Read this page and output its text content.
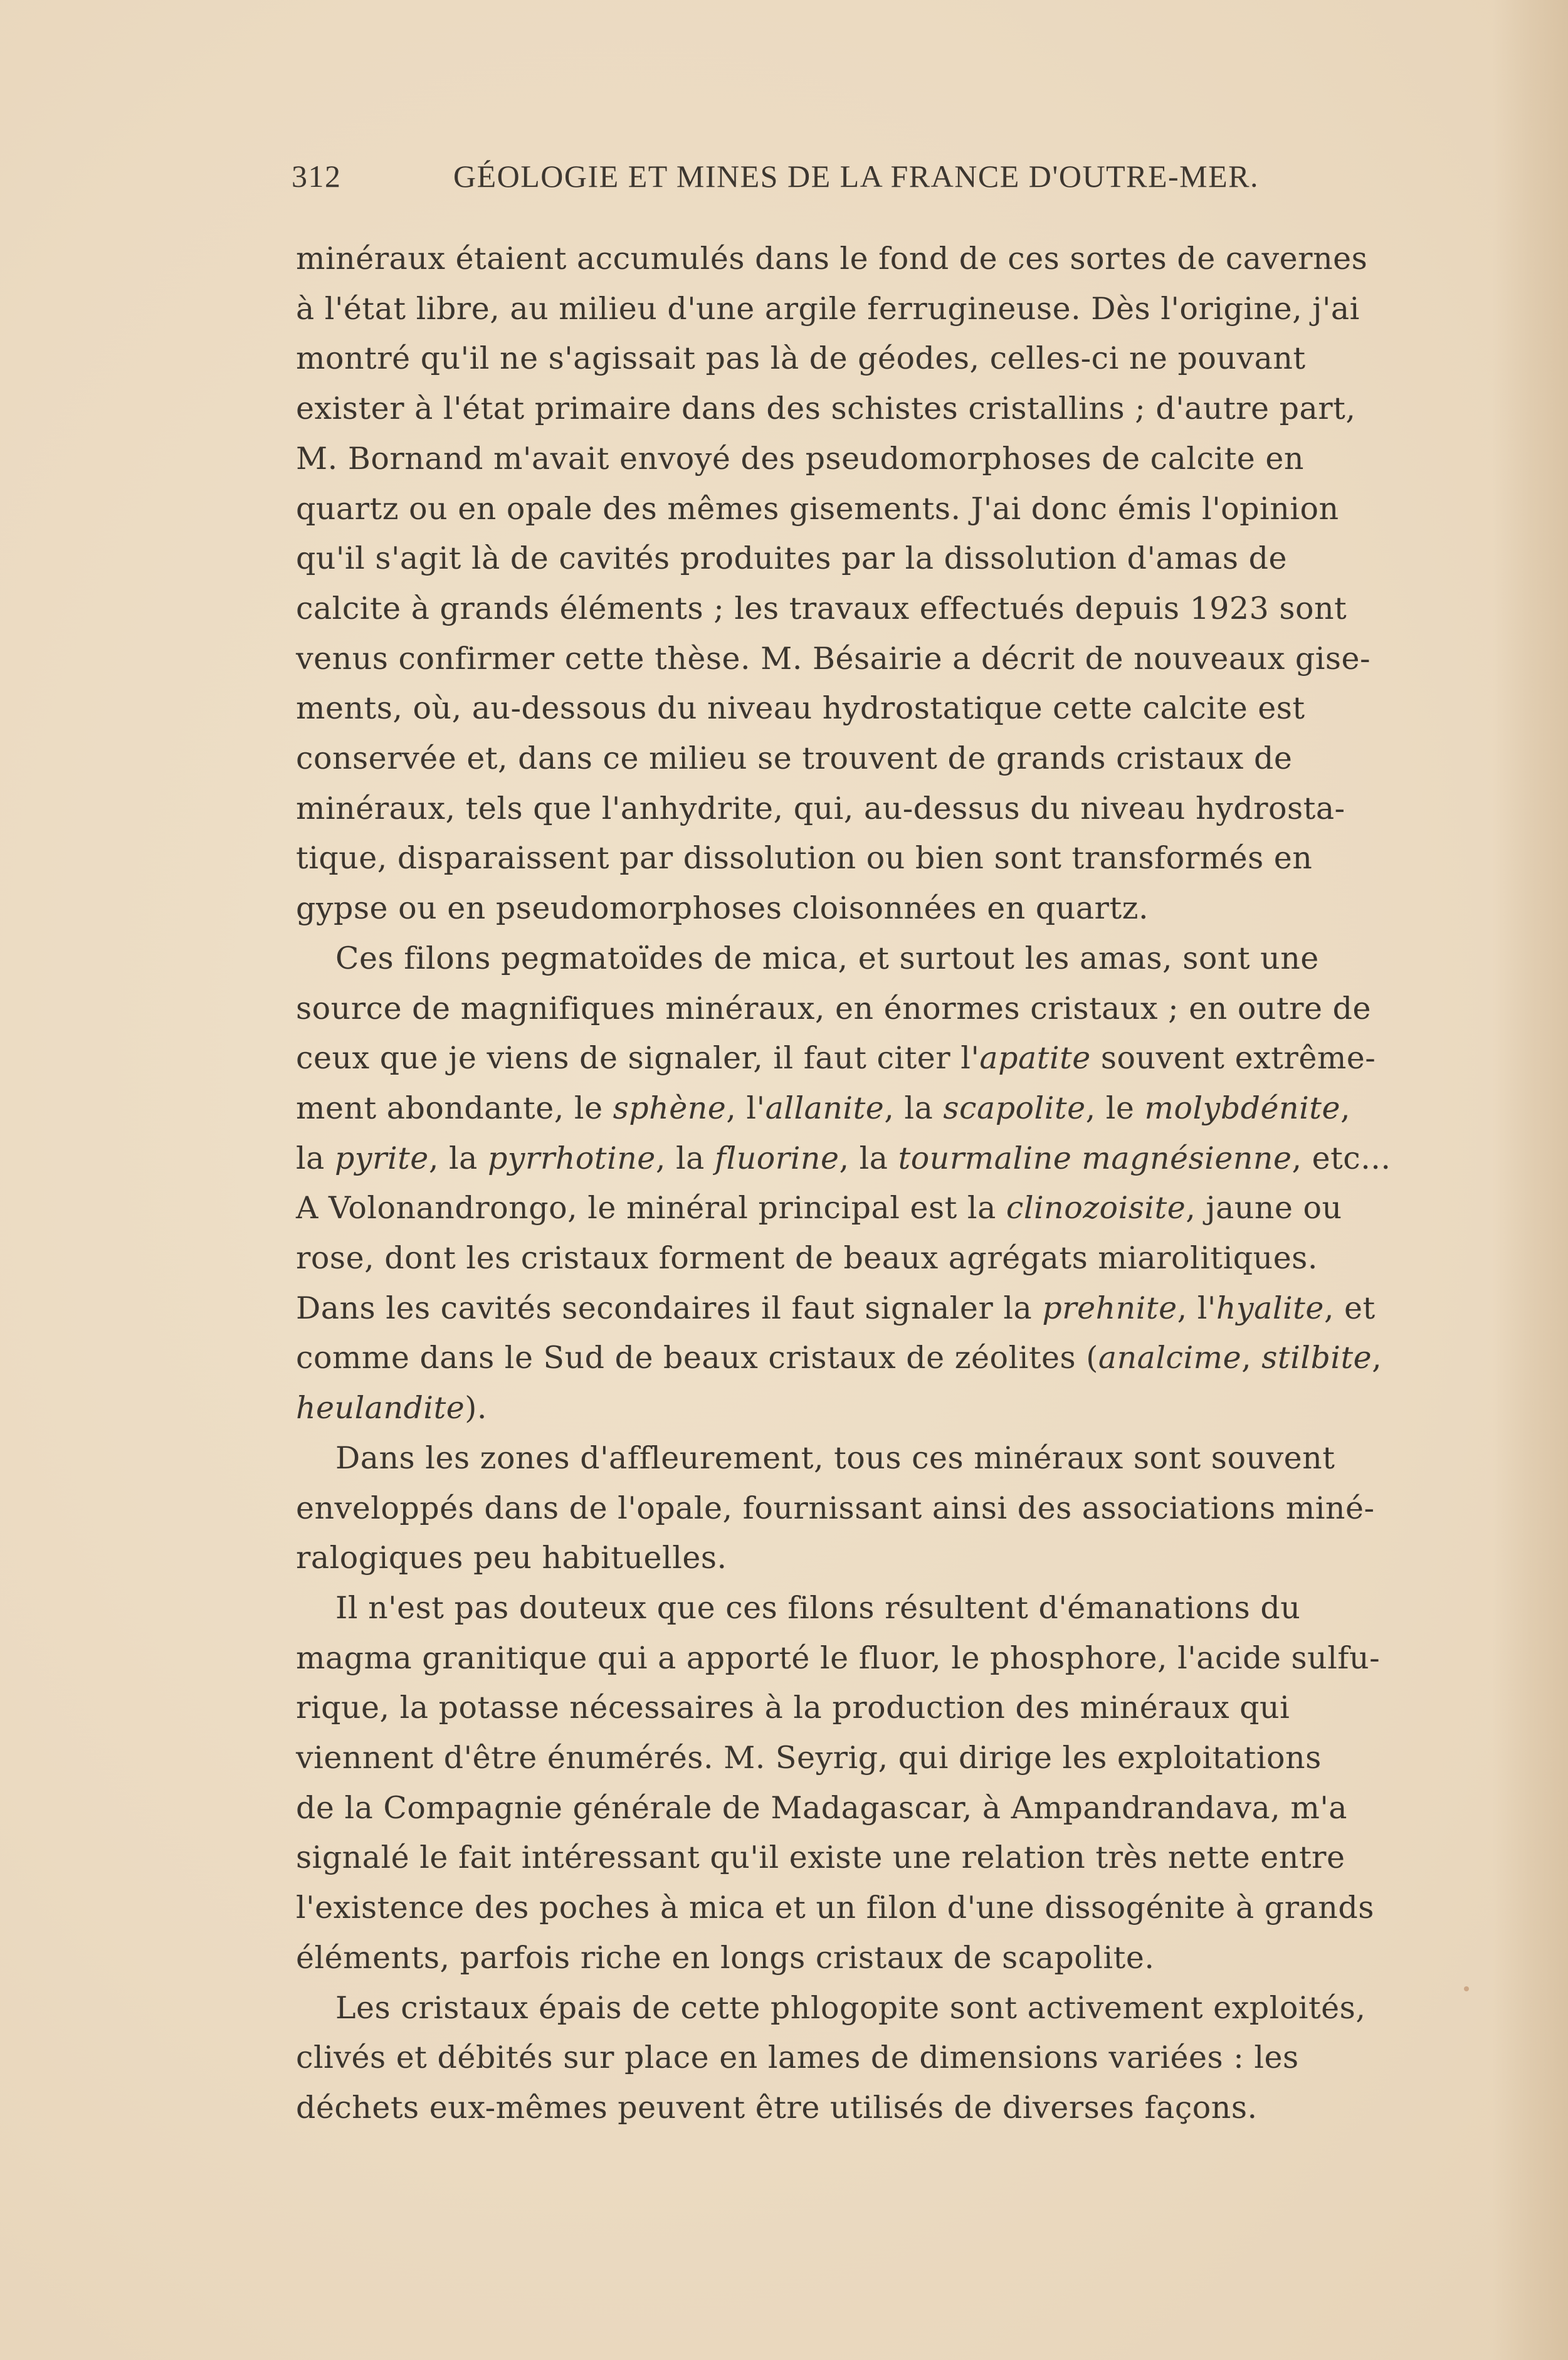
312	GÉOLOGIE ET MINES DE LA FRANCE D'OUTRE-MER.
minéraux étaient accumulés dans le fond de ces sortes de cavernes
à l'état libre, au milieu d'une argile ferrugineuse. Dès l'origine, j'ai
montré qu'il ne s'agissait pas là de géodes, celles-ci ne pouvant
exister à l'état primaire dans des schistes cristallins ; d'autre part,
M. Bornand m'avait envoyé des pseudomorphoses de calcite en
quartz ou en opale des mêmes gisements. J'ai donc émis l'opinion
qu'il s'agit là de cavités produites par la dissolution d'amas de
calcite à grands éléments ; les travaux effectués depuis 1923 sont
venus confirmer cette thèse. M. Bésairie a décrit de nouveaux gise-
ments, où, au-dessous du niveau hydrostatique cette calcite est
conservée et, dans ce milieu se trouvent de grands cristaux de
minéraux, tels que l'anhydrite, qui, au-dessus du niveau hydrosta-
tique, disparaissent par dissolution ou bien sont transformés en
gypse ou en pseudomorphoses cloisonnées en quartz.
Ces filons pegmatoïdes de mica, et surtout les amas, sont une
source de magnifiques minéraux, en énormes cristaux ; en outre de
ceux que je viens de signaler, il faut citer l'apatite souvent extrême-
ment abondante, le sphène, l'allanite, la scapolite, le molybdénite,
la pyrite, la pyrrhotine, la fluorine, la tourmaline magnésienne, etc...
A Volonandrongo, le minéral principal est la clinozoisite, jaune ou
rose, dont les cristaux forment de beaux agrégats miarolitiques.
Dans les cavités secondaires il faut signaler la prehnite, l'hyalite, et
comme dans le Sud de beaux cristaux de zéolites (analcime, stilbite,
heulandite).
Dans les zones d'affleurement, tous ces minéraux sont souvent
enveloppés dans de l'opale, fournissant ainsi des associations miné-
ralogiques peu habituelles.
Il n'est pas douteux que ces filons résultent d'émanations du
magma granitique qui a apporté le fluor, le phosphore, l'acide sulfu-
rique, la potasse nécessaires à la production des minéraux qui
viennent d'être énumérés. M. Seyrig, qui dirige les exploitations
de la Compagnie générale de Madagascar, à Ampandrandava, m'a
signalé le fait intéressant qu'il existe une relation très nette entre
l'existence des poches à mica et un filon d'une dissogénite à grands
éléments, parfois riche en longs cristaux de scapolite.
Les cristaux épais de cette phlogopite sont activement exploités,
clivés et débités sur place en lames de dimensions variées : les
déchets eux-mêmes peuvent être utilisés de diverses façons.
